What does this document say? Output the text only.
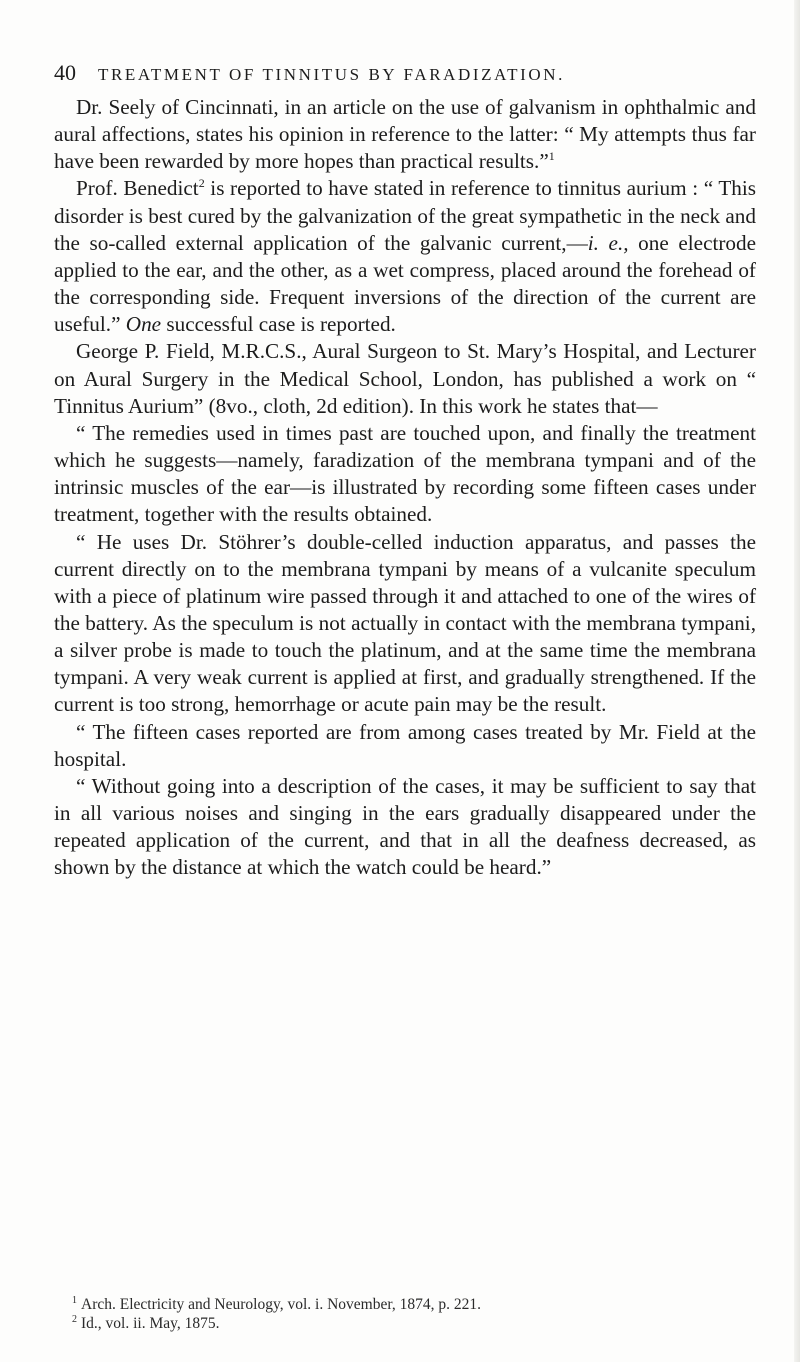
40 TREATMENT OF TINNITUS BY FARADIZATION.

Dr. Seely of Cincinnati, in an article on the use of galvanism in ophthalmic and aural affections, states his opinion in reference to the latter: “ My attempts thus far have been rewarded by more hopes than practical results.”$^1$

Prof. Benedict$^2$ is reported to have stated in reference to tinnitus aurium : “ This disorder is best cured by the galvanization of the great sympathetic in the neck and the so-called external application of the galvanic current,—i. e., one electrode applied to the ear, and the other, as a wet compress, placed around the forehead of the corresponding side. Frequent inversions of the direction of the current are useful.” One successful case is reported.

George P. Field, M.R.C.S., Aural Surgeon to St. Mary’s Hospital, and Lecturer on Aural Surgery in the Medical School, London, has published a work on “ Tinnitus Aurium” (8vo., cloth, 2d edition). In this work he states that—

“ The remedies used in times past are touched upon, and finally the treatment which he suggests—namely, faradization of the membrana tympani and of the intrinsic muscles of the ear—is illustrated by recording some fifteen cases under treatment, together with the results obtained.

“ He uses Dr. Stöhrer’s double-celled induction apparatus, and passes the current directly on to the membrana tympani by means of a vulcanite speculum with a piece of platinum wire passed through it and attached to one of the wires of the battery. As the speculum is not actually in contact with the membrana tympani, a silver probe is made to touch the platinum, and at the same time the membrana tympani. A very weak current is applied at first, and gradually strengthened. If the current is too strong, hemorrhage or acute pain may be the result.

“ The fifteen cases reported are from among cases treated by Mr. Field at the hospital.

“ Without going into a description of the cases, it may be sufficient to say that in all various noises and singing in the ears gradually disappeared under the repeated application of the current, and that in all the deafness decreased, as shown by the distance at which the watch could be heard.”

$^1$ Arch. Electricity and Neurology, vol. i. November, 1874, p. 221.
$^2$ Id., vol. ii. May, 1875.
